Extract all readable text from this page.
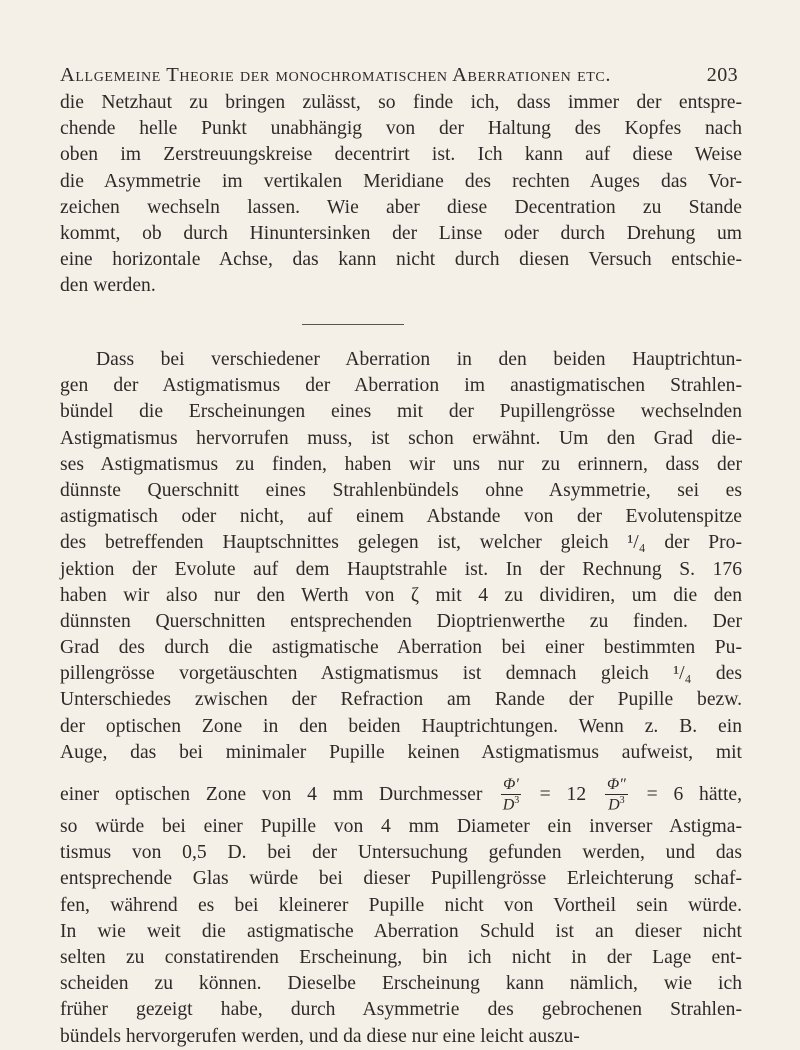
Allgemeine Theorie der monochromatischen Aberrationen etc.	203
die Netzhaut zu bringen zulässt, so finde ich, dass immer der entspre-
chende helle Punkt unabhängig von der Haltung des Kopfes nach
oben im Zerstreuungskreise decentrirt ist. Ich kann auf diese Weise
die Asymmetrie im vertikalen Meridiane des rechten Auges das Vor-
zeichen wechseln lassen. Wie aber diese Decentration zu Stande
kommt, ob durch Hinuntersinken der Linse oder durch Drehung um
eine horizontale Achse, das kann nicht durch diesen Versuch entschie-
den werden.
Dass bei verschiedener Aberration in den beiden Hauptrichtun-
gen der Astigmatismus der Aberration im anastigmatischen Strahlen-
bündel die Erscheinungen eines mit der Pupillengrösse wechselnden
Astigmatismus hervorrufen muss, ist schon erwähnt. Um den Grad die-
ses Astigmatismus zu finden, haben wir uns nur zu erinnern, dass der
dünnste Querschnitt eines Strahlenbündels ohne Asymmetrie, sei es
astigmatisch oder nicht, auf einem Abstande von der Evolutenspitze
des betreffenden Hauptschnittes gelegen ist, welcher gleich ¹/₄ der Pro-
jektion der Evolute auf dem Hauptstrahle ist. In der Rechnung S. 176
haben wir also nur den Werth von ζ mit 4 zu dividiren, um die den
dünnsten Querschnitten entsprechenden Dioptrienwerthe zu finden. Der
Grad des durch die astigmatische Aberration bei einer bestimmten Pu-
pillengrösse vorgetäuschten Astigmatismus ist demnach gleich ¹/₄ des
Unterschiedes zwischen der Refraction am Rande der Pupille bezw.
der optischen Zone in den beiden Hauptrichtungen. Wenn z. B. ein
Auge, das bei minimaler Pupille keinen Astigmatismus aufweist, mit
einer optischen Zone von 4 mm Durchmesser $\frac{\Phi'}{D^3} = 12 \frac{\Phi''}{D^3} = 6$ hätte,
so würde bei einer Pupille von 4 mm Diameter ein inverser Astigma-
tismus von 0,5 D. bei der Untersuchung gefunden werden, und das
entsprechende Glas würde bei dieser Pupillengrösse Erleichterung schaf-
fen, während es bei kleinerer Pupille nicht von Vortheil sein würde.
In wie weit die astigmatische Aberration Schuld ist an dieser nicht
selten zu constatirenden Erscheinung, bin ich nicht in der Lage ent-
scheiden zu können. Dieselbe Erscheinung kann nämlich, wie ich
früher gezeigt habe, durch Asymmetrie des gebrochenen Strahlen-
bündels hervorgerufen werden, und da diese nur eine leicht auszu-
